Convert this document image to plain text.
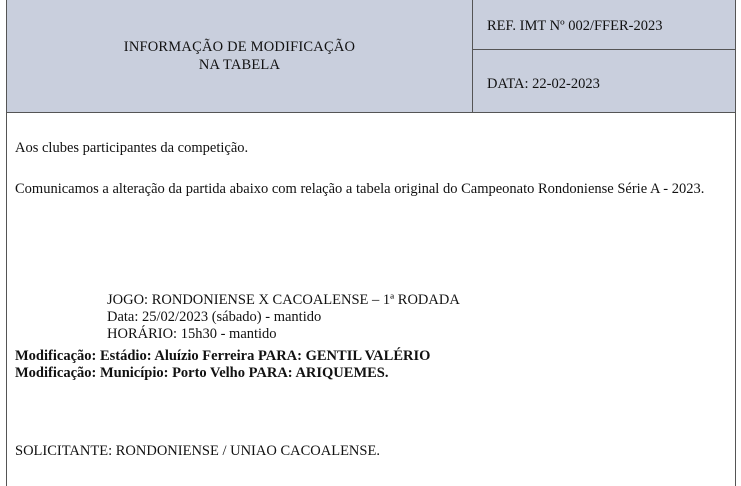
INFORMAÇÃO DE MODIFICAÇÃO
NA TABELA
REF. IMT Nº 002/FFER-2023
DATA: 22-02-2023
Aos clubes participantes da competição.
Comunicamos a alteração da partida abaixo com relação a tabela original do Campeonato Rondoniense Série A - 2023.
JOGO: RONDONIENSE X CACOALENSE – 1ª RODADA
Data: 25/02/2023 (sábado) - mantido
HORÁRIO: 15h30 - mantido
Modificação: Estádio: Aluízio Ferreira PARA: GENTIL VALÉRIO
Modificação: Município: Porto Velho PARA: ARIQUEMES.
SOLICITANTE: RONDONIENSE / UNIAO CACOALENSE.
